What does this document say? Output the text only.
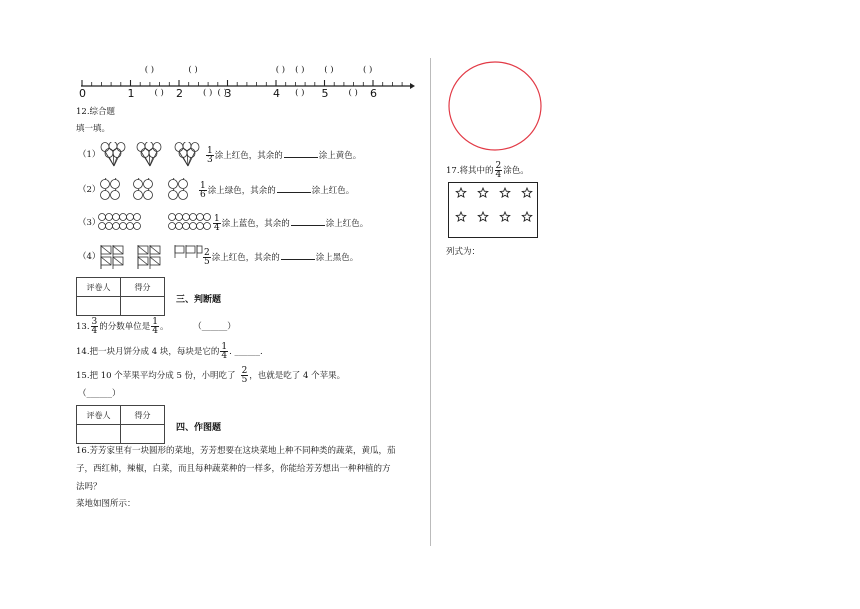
0	1	2	3	4	5	6
( )	( )	( ) ( ) ( )	( )
( )	( ) ( )	( )	( )
12.综合题
填一填。
（1）	$\frac{1}{3}$ 涂上红色，其余的	涂上黄色。
（2）	$\frac{1}{6}$ 涂上绿色，其余的	涂上红色。
（3）	$\frac{1}{4}$ 涂上蓝色，其余的	涂上红色。
（4）	$\frac{2}{5}$ 涂上红色，其余的	涂上黑色。
评卷人	得分

三、判断题
13. $\frac{3}{4}$ 的分数单位是 $\frac{1}{4}$ 。	（______）
14.把一块月饼分成 4 块，每块是它的 $\frac{1}{4}$ . ______.
15.把 10 个苹果平均分成 5 份，小明吃了 $\frac{2}{5}$ ，也就是吃了 4 个苹果。
（______）
评卷人	得分

四、作图题
16.芳芳家里有一块圆形的菜地，芳芳想要在这块菜地上种不同种类的蔬菜，黄瓜，茄
子，西红柿，辣椒，白菜，而且每种蔬菜种的一样多，你能给芳芳想出一种种植的方
法吗？
菜地如图所示：
17.将其中的 $\frac{2}{4}$ 涂色。
列式为：
